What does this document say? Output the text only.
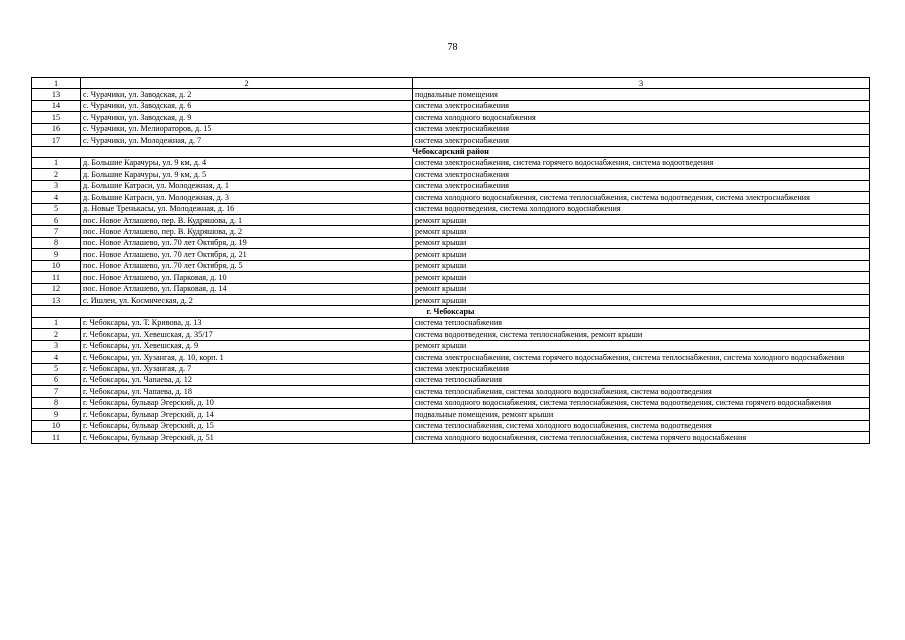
78
1	2	3
13	с. Чурачики, ул. Заводская, д. 2	подвальные помещения
14	с. Чурачики, ул. Заводская, д. 6	система электроснабжения
15	с. Чурачики, ул. Заводская, д. 9	система холодного водоснабжения
16	с. Чурачики, ул. Мелиораторов, д. 15	система электроснабжения
17	с. Чурачики, ул. Молодежная, д. 7	система электроснабжения
Чебоксарский район		
1	д. Большие Карачуры, ул. 9 км, д. 4	система электроснабжения, система горячего водоснабжения, система водоотведения
2	д. Большие Карачуры, ул. 9 км, д. 5	система электроснабжения
3	д. Большие Катраси, ул. Молодежная, д. 1	система электроснабжения
4	д. Большие Катраси, ул. Молодежная, д. 3	система холодного водоснабжения, система теплоснабжения, система водоотведения, система электроснабжения
5	д. Новые Тренькасы, ул. Молодежная, д. 16	система водоотведения, система холодного водоснабжения
6	пос. Новое Атлашево, пер. В. Кудряшова, д. 1	ремонт крыши
7	пос. Новое Атлашево, пер. В. Кудряшова, д. 2	ремонт крыши
8	пос. Новое Атлашево, ул. 70 лет Октября, д. 19	ремонт крыши
9	пос. Новое Атлашево, ул. 70 лет Октября, д. 21	ремонт крыши
10	пос. Новое Атлашево, ул. 70 лет Октября, д. 5	ремонт крыши
11	пос. Новое Атлашево, ул. Парковая, д. 10	ремонт крыши
12	пос. Новое Атлашево, ул. Парковая, д. 14	ремонт крыши
13	с. Ишлеи, ул. Космическая, д. 2	ремонт крыши
г. Чебоксары		
1	г. Чебоксары, ул. Т. Кривова, д. 13	система теплоснабжения
2	г. Чебоксары, ул. Хевешская, д. 35/17	система водоотведения, система теплоснабжения, ремонт крыши
3	г. Чебоксары, ул. Хевешская, д. 9	ремонт крыши
4	г. Чебоксары, ул. Хузангая, д. 10, корп. 1	система электроснабжения, система горячего водоснабжения, система теплоснабжения, система холодного водоснабжения
5	г. Чебоксары, ул. Хузангая, д. 7	система электроснабжения
6	г. Чебоксары, ул. Чапаева, д. 12	система теплоснабжения
7	г. Чебоксары, ул. Чапаева, д. 18	система теплоснабжения, система холодного водоснабжения, система водоотведения
8	г. Чебоксары, бульвар Эгерский, д. 10	система холодного водоснабжения, система теплоснабжения, система водоотведения, система горячего водоснабжения
9	г. Чебоксары, бульвар Эгерский, д. 14	подвальные помещения, ремонт крыши
10	г. Чебоксары, бульвар Эгерский, д. 15	система теплоснабжения, система холодного водоснабжения, система водоотведения
11	г. Чебоксары, бульвар Эгерский, д. 51	система холодного водоснабжения, система теплоснабжения, система горячего водоснабжения
